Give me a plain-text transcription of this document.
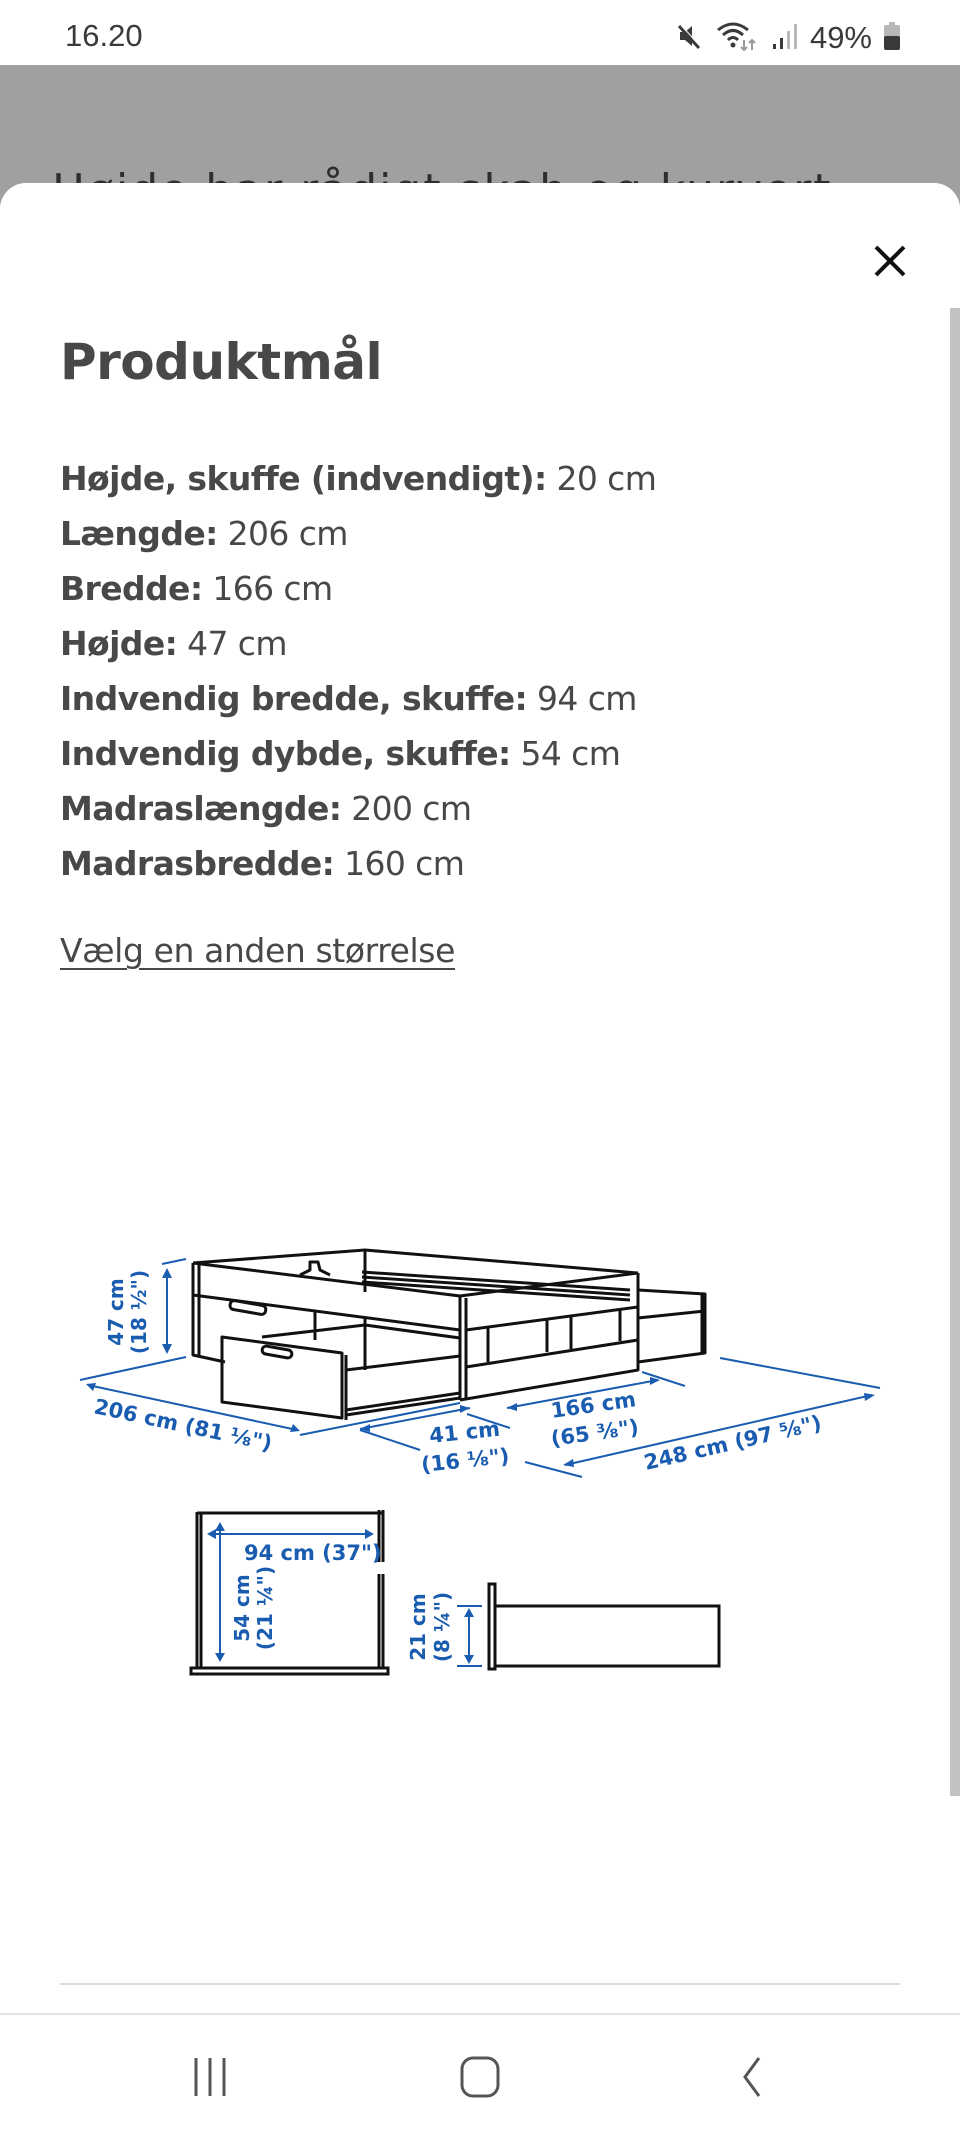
16.20	49%
Produktmål
Højde, skuffe (indvendigt): 20 cm
Længde: 206 cm
Bredde: 166 cm
Højde: 47 cm
Indvendig bredde, skuffe: 94 cm
Indvendig dybde, skuffe: 54 cm
Madraslængde: 200 cm
Madrasbredde: 160 cm
Vælg en anden størrelse
47 cm (18 ½")
206 cm (81 ⅛")	41 cm
(16 ⅛")
166 cm
(65 ⅜") 248 cm (97 ⅝")
94 cm (37")
54 cm (21 ¼")	21 cm (8 ¼")
